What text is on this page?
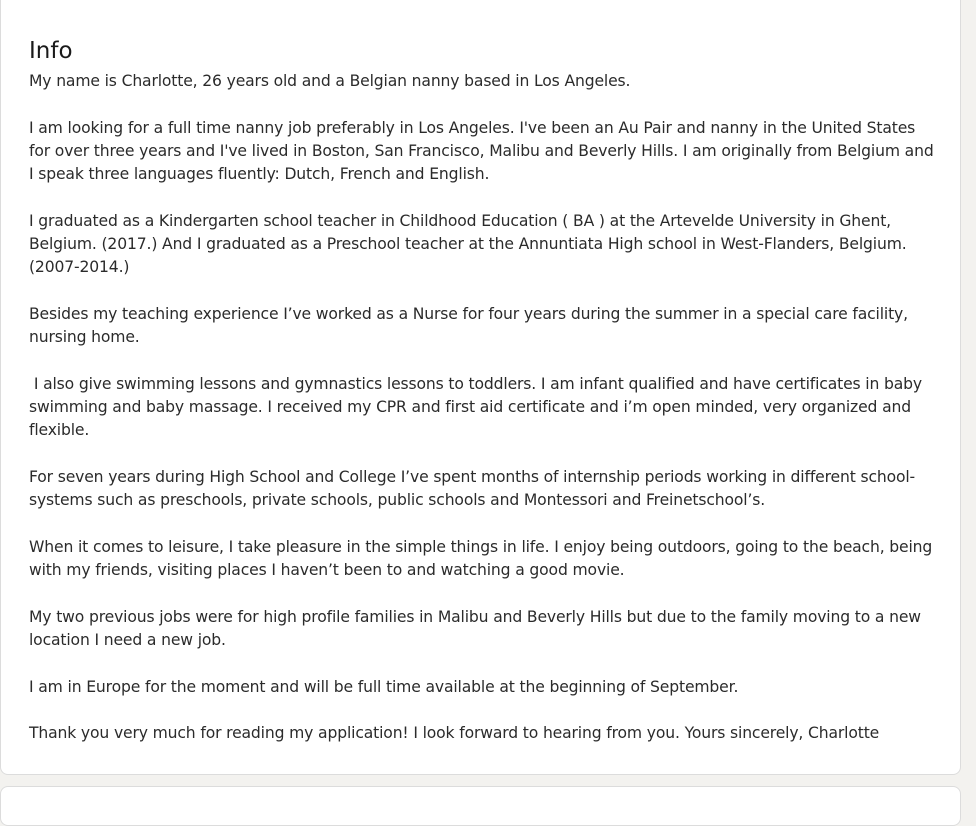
Info

My name is Charlotte, 26 years old and a Belgian nanny based in Los Angeles.

I am looking for a full time nanny job preferably in Los Angeles. I've been an Au Pair and nanny in the United States for over three years and I've lived in Boston, San Francisco, Malibu and Beverly Hills. I am originally from Belgium and I speak three languages fluently: Dutch, French and English.

I graduated as a Kindergarten school teacher in Childhood Education ( BA ) at the Artevelde University in Ghent, Belgium. (2017.) And I graduated as a Preschool teacher at the Annuntiata High school in West-Flanders, Belgium. (2007-2014.)

Besides my teaching experience I’ve worked as a Nurse for four years during the summer in a special care facility, nursing home.

I also give swimming lessons and gymnastics lessons to toddlers. I am infant qualified and have certificates in baby swimming and baby massage. I received my CPR and first aid certificate and i’m open minded, very organized and flexible.

For seven years during High School and College I’ve spent months of internship periods working in different school-systems such as preschools, private schools, public schools and Montessori and Freinetschool’s.

When it comes to leisure, I take pleasure in the simple things in life. I enjoy being outdoors, going to the beach, being with my friends, visiting places I haven’t been to and watching a good movie.

My two previous jobs were for high profile families in Malibu and Beverly Hills but due to the family moving to a new location I need a new job.

I am in Europe for the moment and will be full time available at the beginning of September.

Thank you very much for reading my application! I look forward to hearing from you. Yours sincerely, Charlotte
